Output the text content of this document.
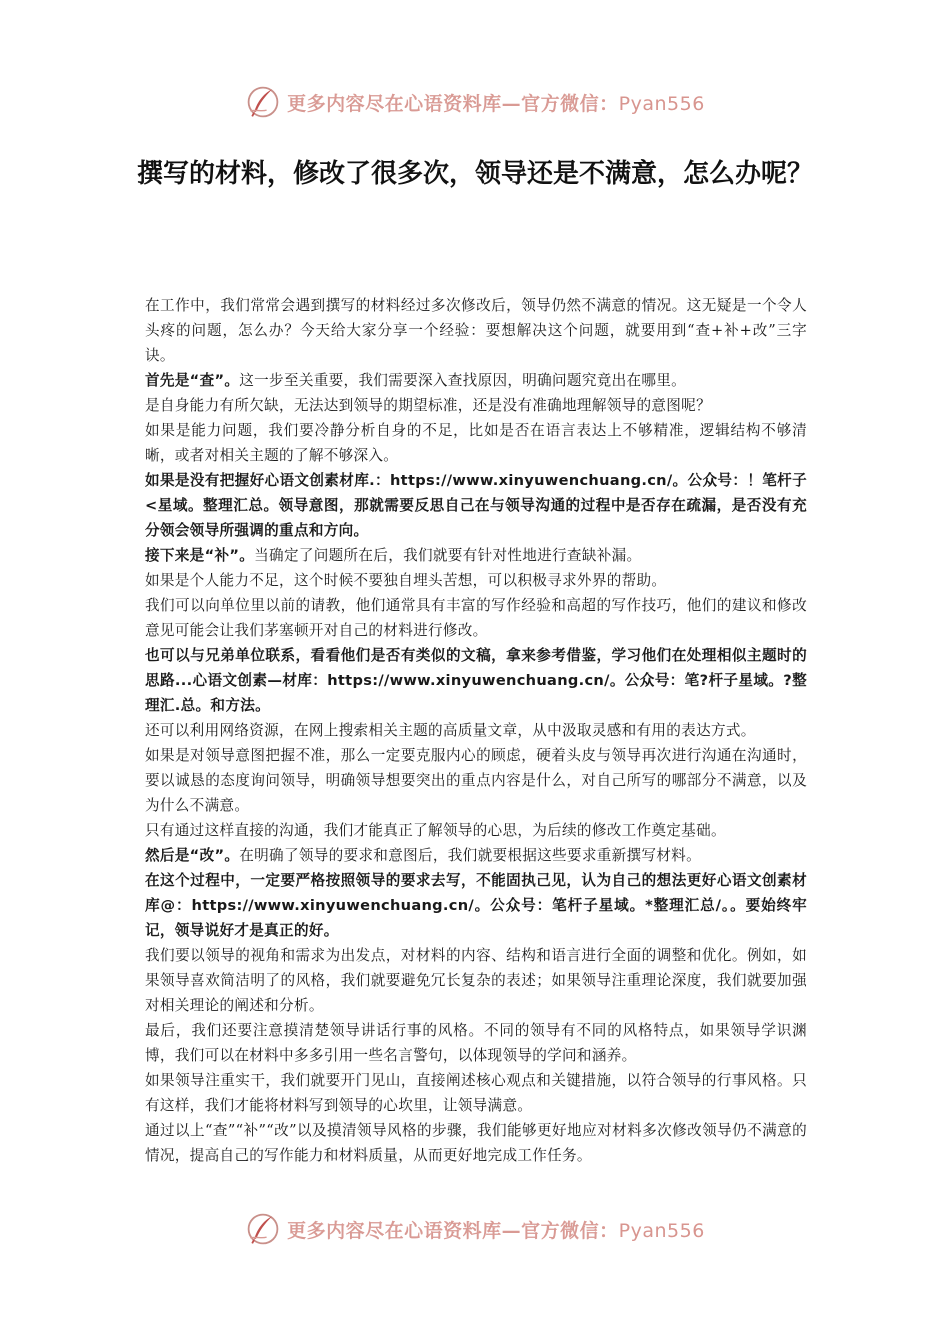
更多内容尽在心语资料库—官方微信：Pyan556
撰写的材料，修改了很多次，领导还是不满意，怎么办呢？

在工作中，我们常常会遇到撰写的材料经过多次修改后，领导仍然不满意的情况。这无疑是一个令人头疼的问题，怎么办？今天给大家分享一个经验：要想解决这个问题，就要用到“查+补+改”三字诀。

首先是“查”。这一步至关重要，我们需要深入查找原因，明确问题究竟出在哪里。

是自身能力有所欠缺，无法达到领导的期望标准，还是没有准确地理解领导的意图呢？

如果是能力问题，我们要冷静分析自身的不足，比如是否在语言表达上不够精准，逻辑结构不够清晰，或者对相关主题的了解不够深入。

如果是没有把握好心语文创素材库.：https://www.xinyuwenchuang.cn/。公众号：！笔杆子<星域。整理汇总。领导意图，那就需要反思自己在与领导沟通的过程中是否存在疏漏，是否没有充分领会领导所强调的重点和方向。

接下来是“补”。当确定了问题所在后，我们就要有针对性地进行查缺补漏。

如果是个人能力不足，这个时候不要独自埋头苦想，可以积极寻求外界的帮助。

我们可以向单位里以前的请教，他们通常具有丰富的写作经验和高超的写作技巧，他们的建议和修改意见可能会让我们茅塞顿开对自己的材料进行修改。

也可以与兄弟单位联系，看看他们是否有类似的文稿，拿来参考借鉴，学习他们在处理相似主题时的思路...心语文创素—材库：https://www.xinyuwenchuang.cn/。公众号：笔?杆子星域。?整理汇.总。和方法。

还可以利用网络资源，在网上搜索相关主题的高质量文章，从中汲取灵感和有用的表达方式。

如果是对领导意图把握不准，那么一定要克服内心的顾虑，硬着头皮与领导再次进行沟通在沟通时，要以诚恳的态度询问领导，明确领导想要突出的重点内容是什么，对自己所写的哪部分不满意，以及为什么不满意。

只有通过这样直接的沟通，我们才能真正了解领导的心思，为后续的修改工作奠定基础。

然后是“改”。在明确了领导的要求和意图后，我们就要根据这些要求重新撰写材料。

在这个过程中，一定要严格按照领导的要求去写，不能固执己见，认为自己的想法更好心语文创素材库@：https://www.xinyuwenchuang.cn/。公众号：笔杆子星域。*整理汇总/。。要始终牢记，领导说好才是真正的好。

我们要以领导的视角和需求为出发点，对材料的内容、结构和语言进行全面的调整和优化。例如，如果领导喜欢简洁明了的风格，我们就要避免冗长复杂的表述；如果领导注重理论深度，我们就要加强对相关理论的阐述和分析。

最后，我们还要注意摸清楚领导讲话行事的风格。不同的领导有不同的风格特点，如果领导学识渊博，我们可以在材料中多多引用一些名言警句，以体现领导的学问和涵养。

如果领导注重实干，我们就要开门见山，直接阐述核心观点和关键措施，以符合领导的行事风格。只有这样，我们才能将材料写到领导的心坎里，让领导满意。

通过以上“查”“补”“改”以及摸清领导风格的步骤，我们能够更好地应对材料多次修改领导仍不满意的情况，提高自己的写作能力和材料质量，从而更好地完成工作任务。

更多内容尽在心语资料库—官方微信：Pyan556
